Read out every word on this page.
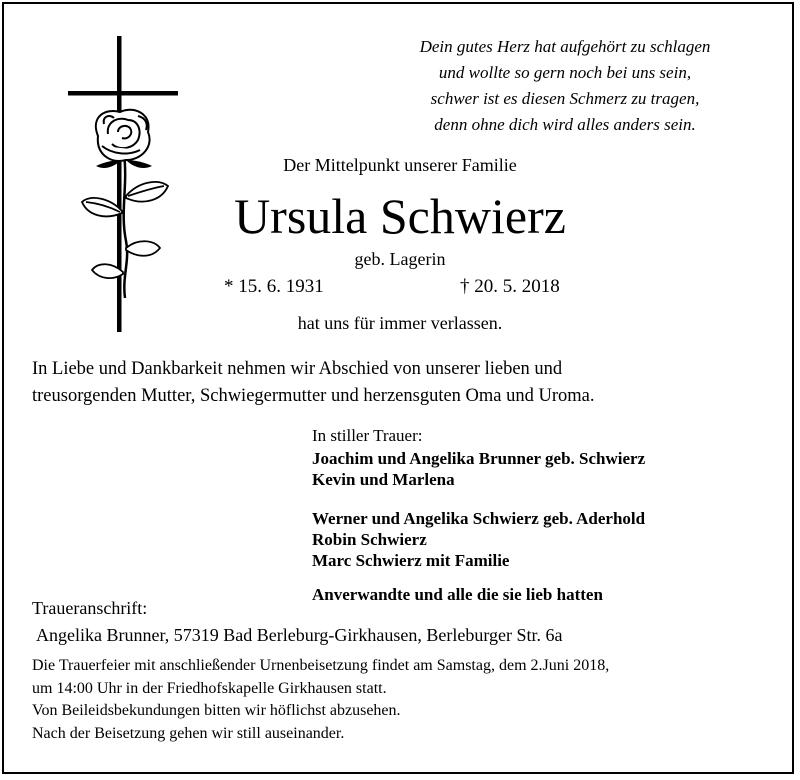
Dein gutes Herz hat aufgehört zu schlagen
und wollte so gern noch bei uns sein,
schwer ist es diesen Schmerz zu tragen,
denn ohne dich wird alles anders sein.
Der Mittelpunkt unserer Familie
Ursula Schwierz
geb. Lagerin
* 15. 6. 1931	† 20. 5. 2018
hat uns für immer verlassen.
In Liebe und Dankbarkeit nehmen wir Abschied von unserer lieben und
treusorgenden Mutter, Schwiegermutter und herzensguten Oma und Uroma.
In stiller Trauer:
Joachim und Angelika Brunner geb. Schwierz
Kevin und Marlena
Werner und Angelika Schwierz geb. Aderhold
Robin Schwierz
Marc Schwierz mit Familie
Anverwandte und alle die sie lieb hatten
Traueranschrift:
Angelika Brunner, 57319 Bad Berleburg-Girkhausen, Berleburger Str. 6a
Die Trauerfeier mit anschließender Urnenbeisetzung findet am Samstag, dem 2.Juni 2018,
um 14:00 Uhr in der Friedhofskapelle Girkhausen statt.
Von Beileidsbekundungen bitten wir höflichst abzusehen.
Nach der Beisetzung gehen wir still auseinander.
